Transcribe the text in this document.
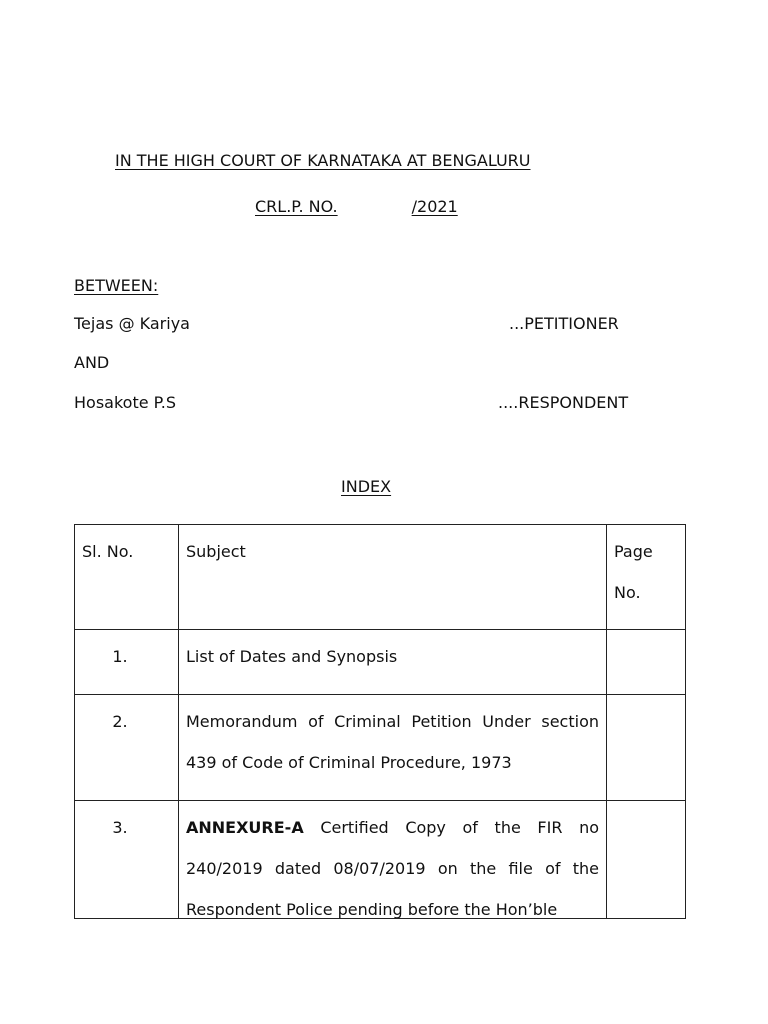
IN THE HIGH COURT OF KARNATAKA AT BENGALURU
CRL.P. NO.	/2021
BETWEEN:
Tejas @ Kariya	...PETITIONER
AND
Hosakote P.S	....RESPONDENT
INDEX
Sl. No.	Subject	Page No.
1.	List of Dates and Synopsis	
2.	Memorandum of Criminal Petition Under section 439 of Code of Criminal Procedure, 1973	
3.	ANNEXURE-A Certified Copy of the FIR no 240/2019 dated 08/07/2019 on the file of the Respondent Police pending before the Hon’ble	
